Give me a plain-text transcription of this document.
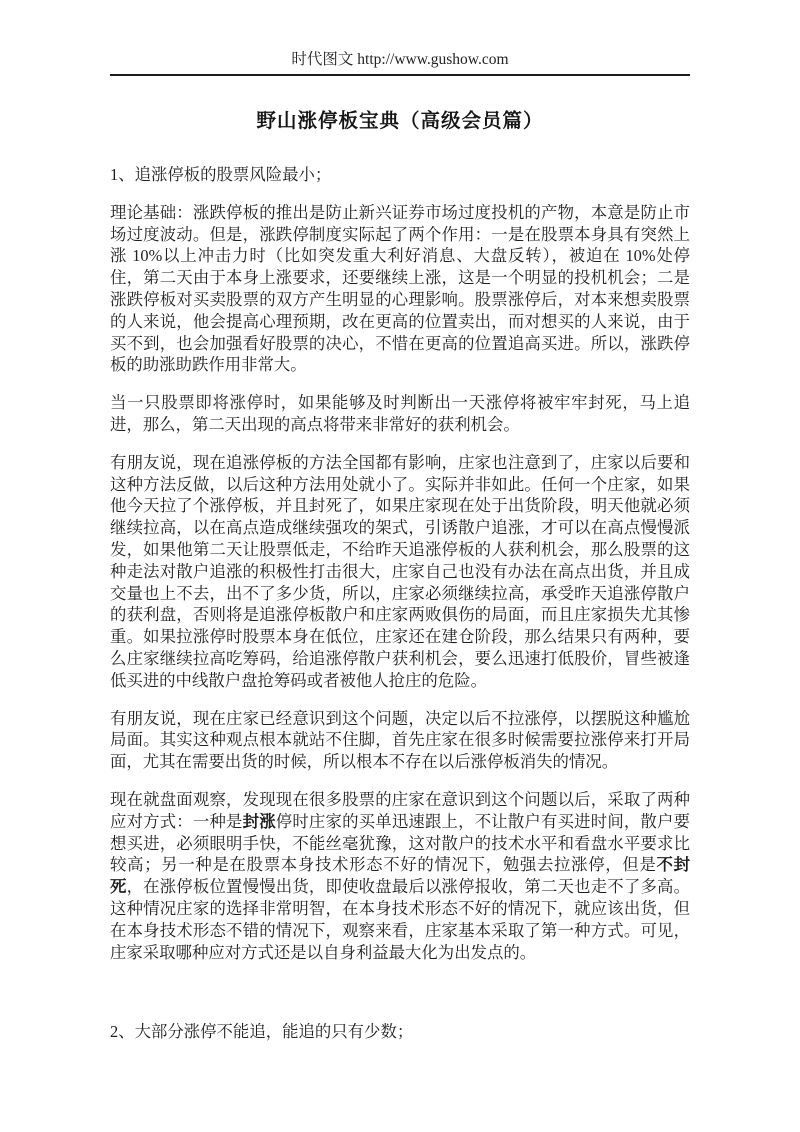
时代图文 http://www.gushow.com
野山涨停板宝典（高级会员篇）

1、追涨停板的股票风险最小；

理论基础：涨跌停板的推出是防止新兴证券市场过度投机的产物，本意是防止市场过度波动。但是，涨跌停制度实际起了两个作用：一是在股票本身具有突然上涨 10%以上冲击力时（比如突发重大利好消息、大盘反转），被迫在 10%处停住，第二天由于本身上涨要求，还要继续上涨，这是一个明显的投机机会；二是涨跌停板对买卖股票的双方产生明显的心理影响。股票涨停后，对本来想卖股票的人来说，他会提高心理预期，改在更高的位置卖出，而对想买的人来说，由于买不到，也会加强看好股票的决心，不惜在更高的位置追高买进。所以，涨跌停板的助涨助跌作用非常大。

当一只股票即将涨停时，如果能够及时判断出一天涨停将被牢牢封死，马上追进，那么，第二天出现的高点将带来非常好的获利机会。

有朋友说，现在追涨停板的方法全国都有影响，庄家也注意到了，庄家以后要和这种方法反做，以后这种方法用处就小了。实际并非如此。任何一个庄家，如果他今天拉了个涨停板，并且封死了，如果庄家现在处于出货阶段，明天他就必须继续拉高，以在高点造成继续强攻的架式，引诱散户追涨，才可以在高点慢慢派发，如果他第二天让股票低走，不给昨天追涨停板的人获利机会，那么股票的这种走法对散户追涨的积极性打击很大，庄家自己也没有办法在高点出货，并且成交量也上不去，出不了多少货，所以，庄家必须继续拉高，承受昨天追涨停散户的获利盘，否则将是追涨停板散户和庄家两败俱伤的局面，而且庄家损失尤其惨重。如果拉涨停时股票本身在低位，庄家还在建仓阶段，那么结果只有两种，要么庄家继续拉高吃筹码，给追涨停散户获利机会，要么迅速打低股价，冒些被逢低买进的中线散户盘抢筹码或者被他人抢庄的危险。

有朋友说，现在庄家已经意识到这个问题，决定以后不拉涨停，以摆脱这种尴尬局面。其实这种观点根本就站不住脚，首先庄家在很多时候需要拉涨停来打开局面，尤其在需要出货的时候，所以根本不存在以后涨停板消失的情况。

现在就盘面观察，发现现在很多股票的庄家在意识到这个问题以后，采取了两种应对方式：一种是封涨停时庄家的买单迅速跟上，不让散户有买进时间，散户要想买进，必须眼明手快，不能丝毫犹豫，这对散户的技术水平和看盘水平要求比较高；另一种是在股票本身技术形态不好的情况下，勉强去拉涨停，但是不封死，在涨停板位置慢慢出货，即使收盘最后以涨停报收，第二天也走不了多高。这种情况庄家的选择非常明智，在本身技术形态不好的情况下，就应该出货，但在本身技术形态不错的情况下，观察来看，庄家基本采取了第一种方式。可见，庄家采取哪种应对方式还是以自身利益最大化为出发点的。

2、大部分涨停不能追，能追的只有少数；
